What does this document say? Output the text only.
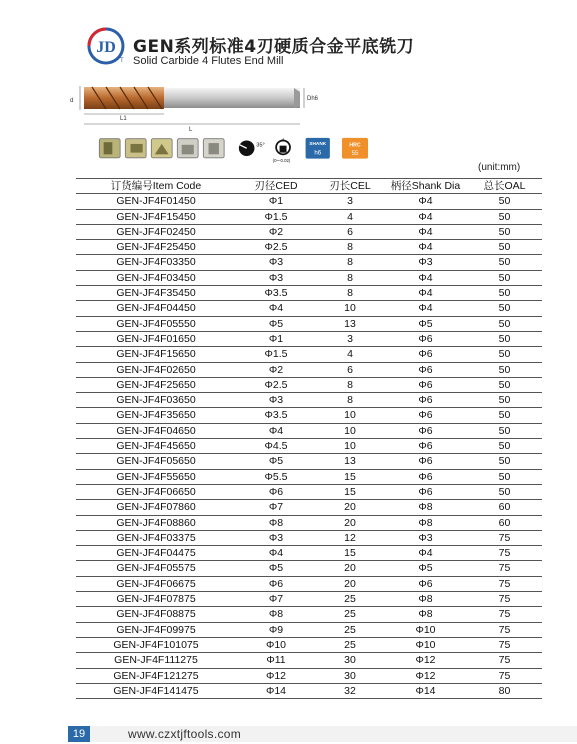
JD
T
GEN系列标准4刃硬质合金平底铣刀
Solid Carbide 4 Flutes End Mill
d	Dh6
L1
L
35°
d
(0~-0.02)
SHANK
h6
HRC
55
(unit:mm)
订货编号Item Code	刃径CED	刃长CEL	柄径Shank Dia	总长OAL
GEN-JF4F01450	Φ1	3	Φ4	50
GEN-JF4F15450	Φ1.5	4	Φ4	50
GEN-JF4F02450	Φ2	6	Φ4	50
GEN-JF4F25450	Φ2.5	8	Φ4	50
GEN-JF4F03350	Φ3	8	Φ3	50
GEN-JF4F03450	Φ3	8	Φ4	50
GEN-JF4F35450	Φ3.5	8	Φ4	50
GEN-JF4F04450	Φ4	10	Φ4	50
GEN-JF4F05550	Φ5	13	Φ5	50
GEN-JF4F01650	Φ1	3	Φ6	50
GEN-JF4F15650	Φ1.5	4	Φ6	50
GEN-JF4F02650	Φ2	6	Φ6	50
GEN-JF4F25650	Φ2.5	8	Φ6	50
GEN-JF4F03650	Φ3	8	Φ6	50
GEN-JF4F35650	Φ3.5	10	Φ6	50
GEN-JF4F04650	Φ4	10	Φ6	50
GEN-JF4F45650	Φ4.5	10	Φ6	50
GEN-JF4F05650	Φ5	13	Φ6	50
GEN-JF4F55650	Φ5.5	15	Φ6	50
GEN-JF4F06650	Φ6	15	Φ6	50
GEN-JF4F07860	Φ7	20	Φ8	60
GEN-JF4F08860	Φ8	20	Φ8	60
GEN-JF4F03375	Φ3	12	Φ3	75
GEN-JF4F04475	Φ4	15	Φ4	75
GEN-JF4F05575	Φ5	20	Φ5	75
GEN-JF4F06675	Φ6	20	Φ6	75
GEN-JF4F07875	Φ7	25	Φ8	75
GEN-JF4F08875	Φ8	25	Φ8	75
GEN-JF4F09975	Φ9	25	Φ10	75
GEN-JF4F101075	Φ10	25	Φ10	75
GEN-JF4F111275	Φ11	30	Φ12	75
GEN-JF4F121275	Φ12	30	Φ12	75
GEN-JF4F141475	Φ14	32	Φ14	80
19	www.czxtjftools.com
